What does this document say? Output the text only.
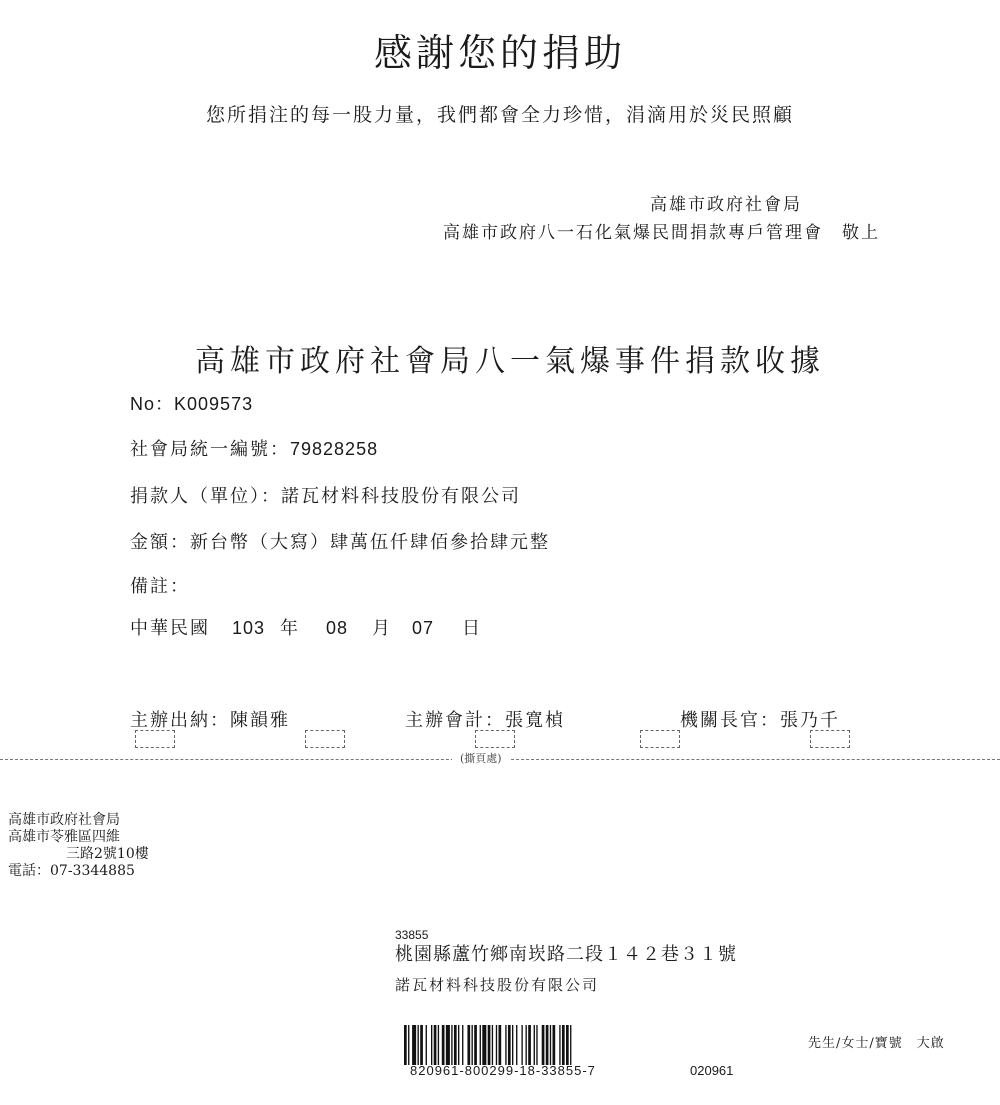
感謝您的捐助
您所捐注的每一股力量，我們都會全力珍惜，涓滴用於災民照顧
高雄市政府社會局
高雄市政府八一石化氣爆民間捐款專戶管理會　敬上
高雄市政府社會局八一氣爆事件捐款收據
No：K009573
社會局統一編號：79828258
捐款人（單位）：諾瓦材料科技股份有限公司
金額：新台幣（大寫）肆萬伍仟肆佰參拾肆元整
備註：
中華民國 103 年 08 月 07 日
主辦出納：陳韻雅	主辦會計：張寬楨	機關長官：張乃千
(撕頁處)
高雄市政府社會局
高雄市苓雅區四維
三路2號10樓
電話：07-3344885
33855
桃園縣蘆竹鄉南崁路二段１４２巷３１號
諾瓦材料科技股份有限公司
先生/女士/寶號　大啟
820961-800299-18-33855-7	020961
